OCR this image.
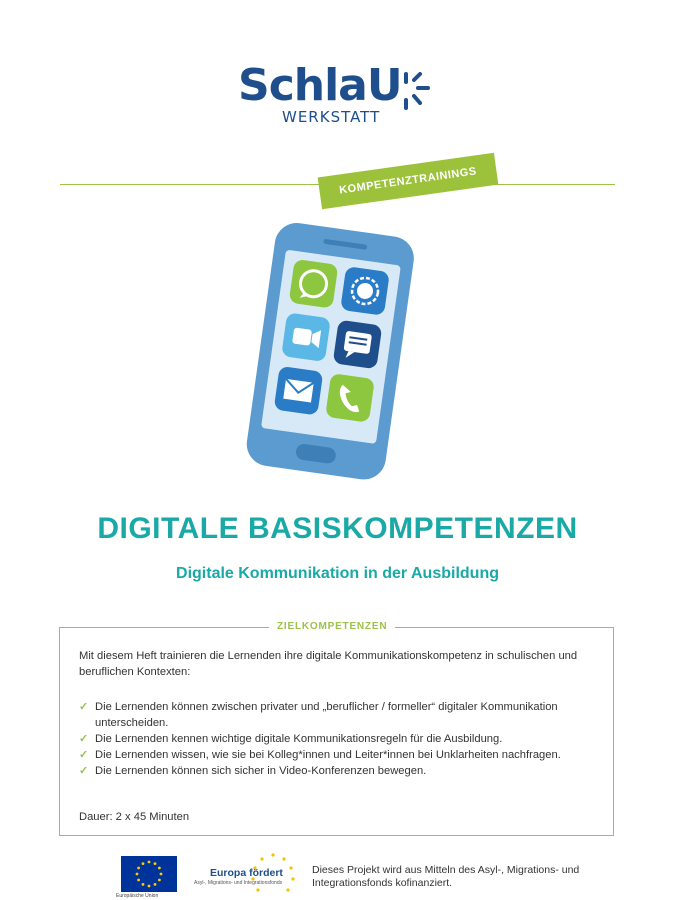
SchlaU
WERKSTATT
KOMPETENZTRAININGS
DIGITALE BASISKOMPETENZEN
Digitale Kommunikation in der Ausbildung
ZIELKOMPETENZEN
Mit diesem Heft trainieren die Lernenden ihre digitale Kommunikationskompetenz in schulischen und beruflichen Kontexten:
✓ Die Lernenden können zwischen privater und „beruflicher / formeller“ digitaler Kommunikation unterscheiden.
✓ Die Lernenden kennen wichtige digitale Kommunikationsregeln für die Ausbildung.
✓ Die Lernenden wissen, wie sie bei Kolleg*innen und Leiter*innen bei Unklarheiten nachfragen.
✓ Die Lernenden können sich sicher in Video-Konferenzen bewegen.
Dauer: 2 x 45 Minuten
Europäische Union
Europa fördert
Asyl-, Migrations- und Integrationsfonds
Dieses Projekt wird aus Mitteln des Asyl-, Migrations- und Integrationsfonds kofinanziert.
